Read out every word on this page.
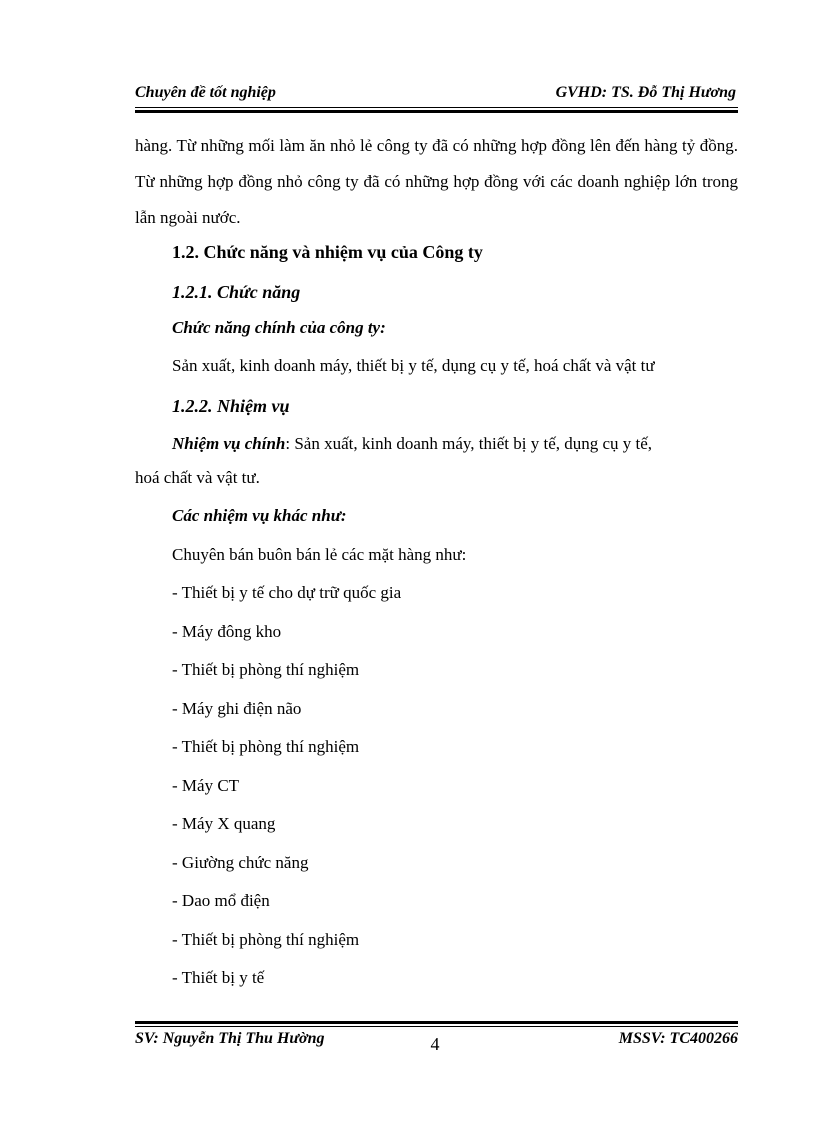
Chuyên đề tốt nghiệp	GVHD: TS. Đỗ Thị Hương
hàng. Từ những mối làm ăn nhỏ lẻ công ty đã có những hợp đồng lên đến hàng tỷ đồng. Từ những hợp đồng nhỏ công ty đã có những hợp đồng với các doanh nghiệp lớn trong lẫn ngoài nước.
1.2. Chức năng và nhiệm vụ của Công ty
1.2.1. Chức năng
Chức năng chính của công ty:
Sản xuất, kinh doanh máy, thiết bị y tế, dụng cụ y tế, hoá chất và vật tư
1.2.2. Nhiệm vụ
Nhiệm vụ chính: Sản xuất, kinh doanh máy, thiết bị y tế, dụng cụ y tế,
hoá chất và vật tư.
Các nhiệm vụ khác như:
Chuyên bán buôn bán lẻ các mặt hàng như:
- Thiết bị y tế cho dự trữ quốc gia
- Máy đông kho
- Thiết bị phòng thí nghiệm
- Máy ghi điện não
- Thiết bị phòng thí nghiệm
- Máy CT
- Máy X quang
- Giường chức năng
- Dao mổ điện
- Thiết bị phòng thí nghiệm
- Thiết bị y tế
SV: Nguyễn Thị Thu Hường	4	MSSV: TC400266
